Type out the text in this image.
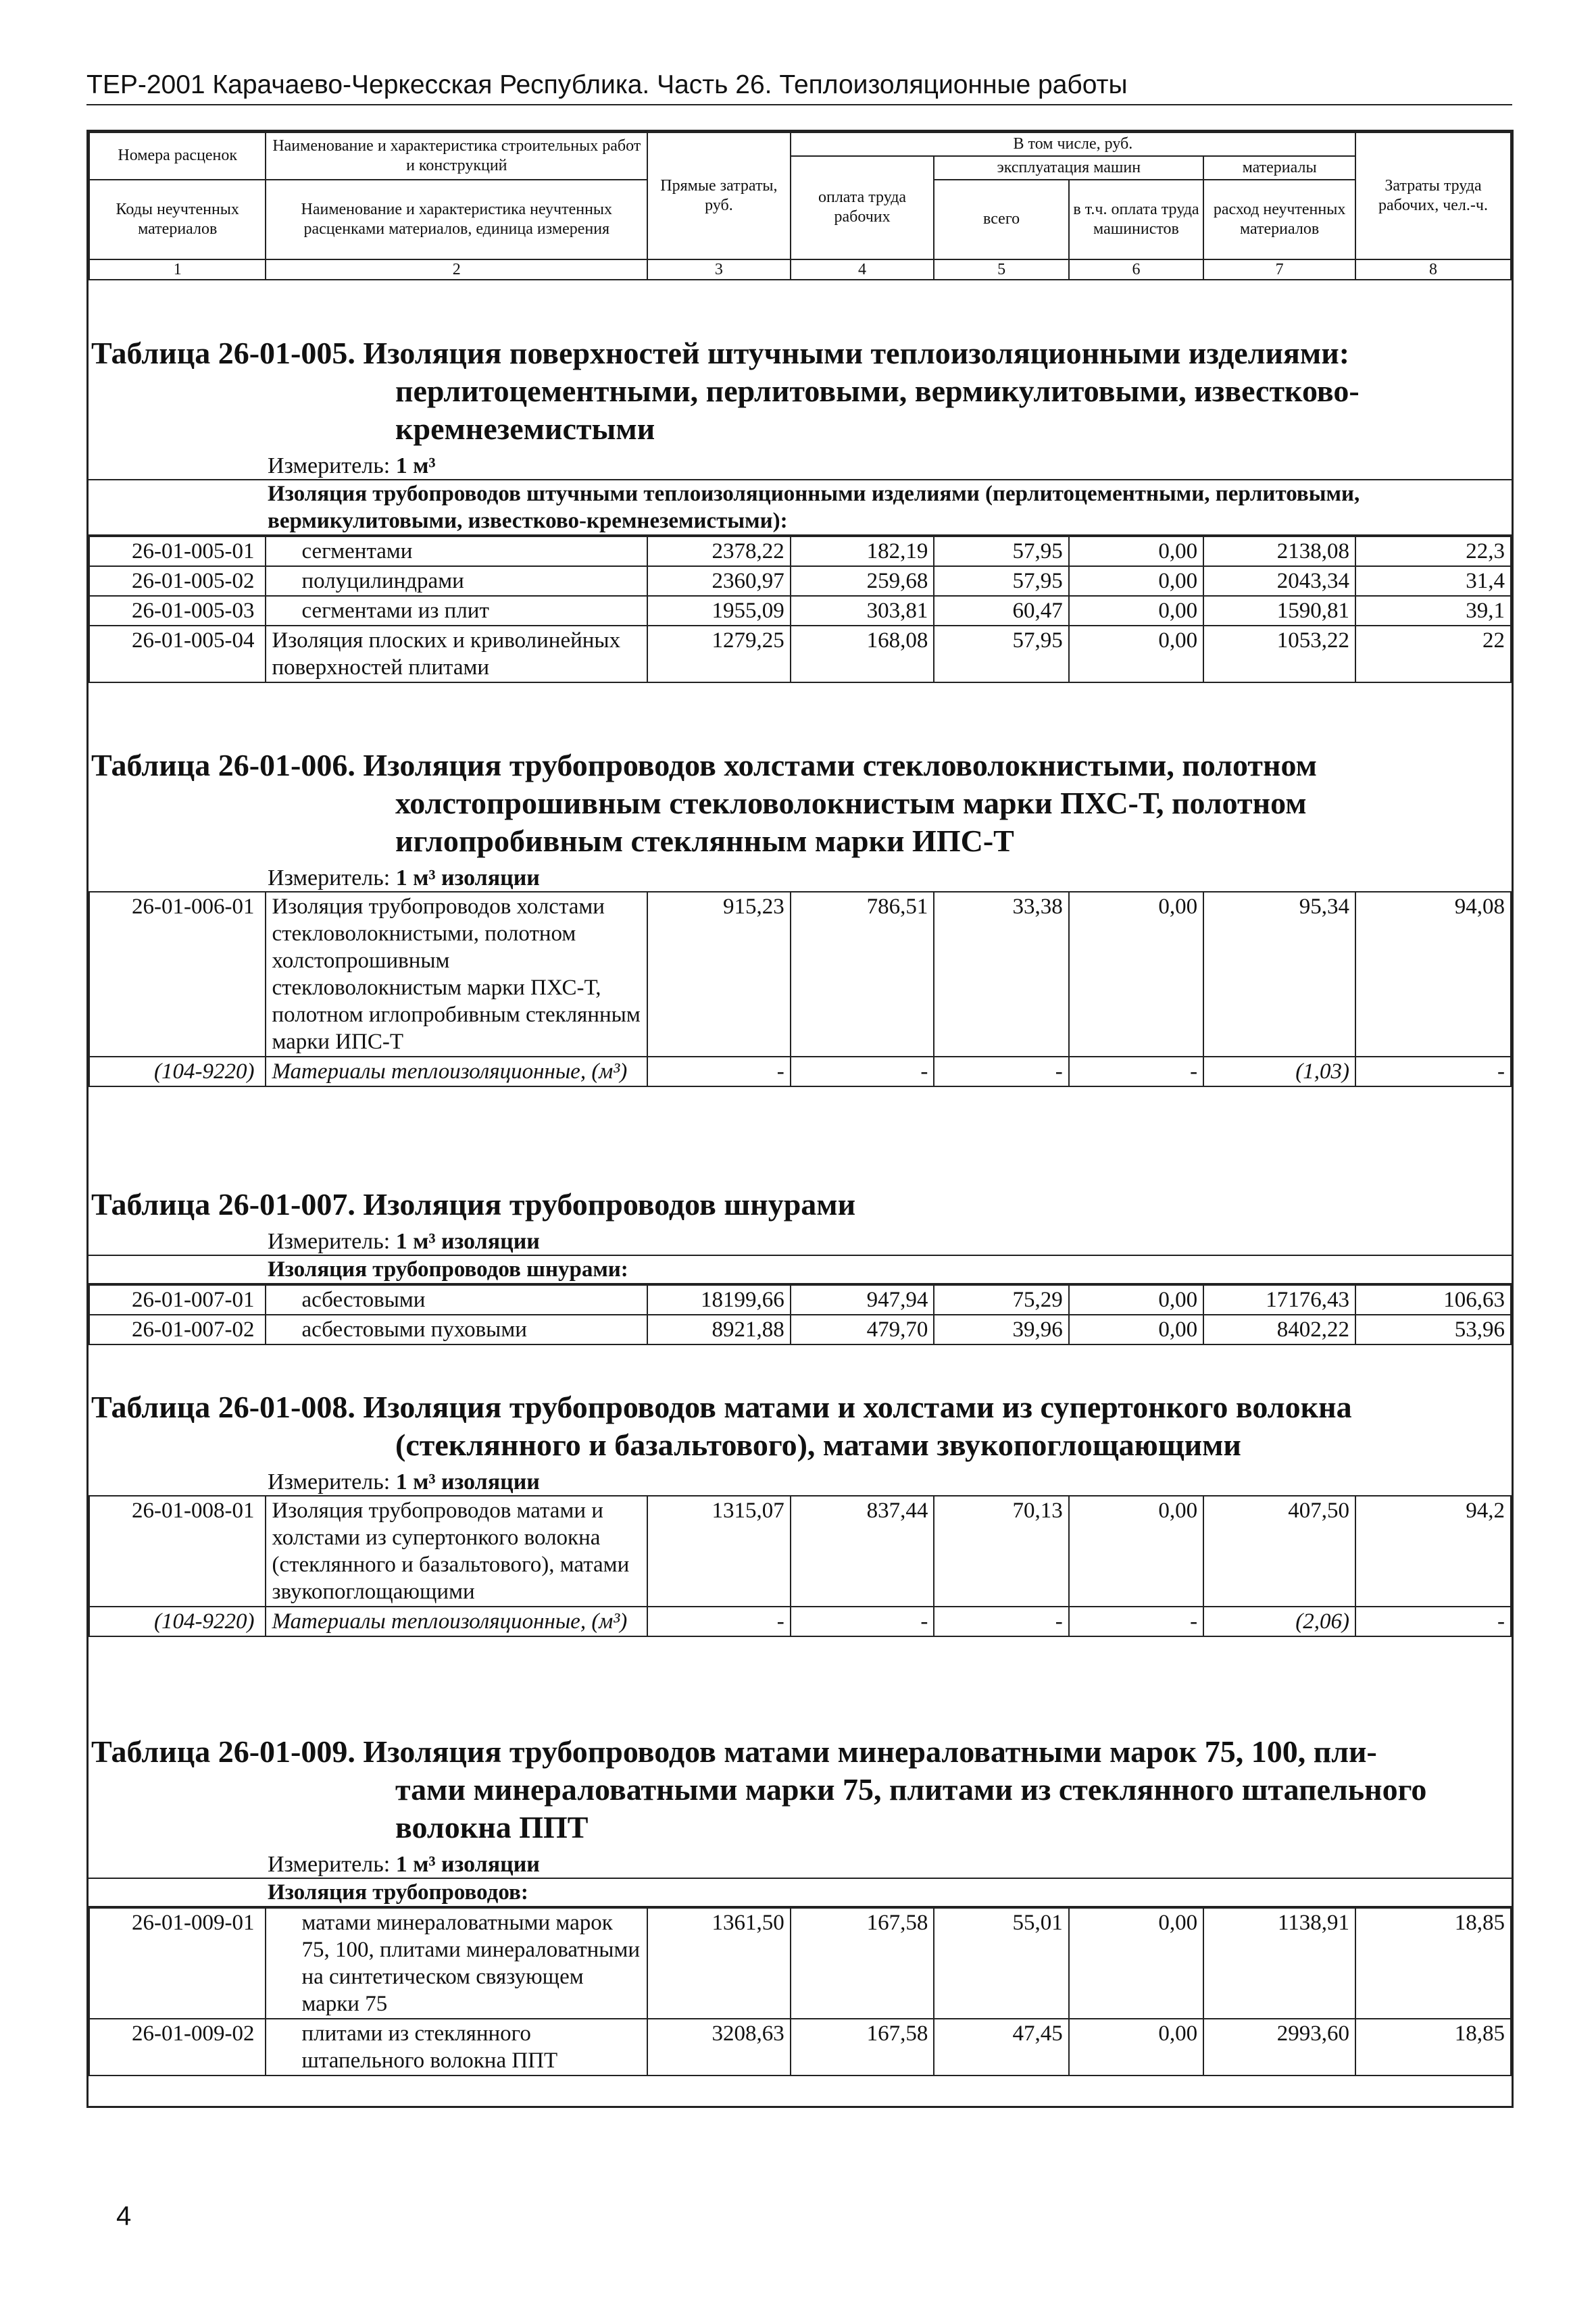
ТЕР-2001 Карачаево-Черкесская Республика. Часть 26. Теплоизоляционные работы
Номера расценок	Наименование и характеристика строительных работ и конструкций	Прямые затраты, руб.	В том числе, руб.				Затраты труда рабочих, чел.-ч.
			оплата труда рабочих	эксплуатация машин		материалы	
Коды неучтенных материалов	Наименование и характеристика неучтенных расценками материалов, единица измерения			всего	в т.ч. оплата труда машинистов	расход неучтенных материалов	

1	2	3	4	5	6	7	8
Таблица 26-01-005. Изоляция поверхностей штучными теплоизоляционными изделиями:
перлитоцементными, перлитовыми, вермикулитовыми, известково-кремнеземистыми
Измеритель: 1 м³
Изоляция трубопроводов штучными теплоизоляционными изделиями (перлитоцементными, перлитовыми, вермикулитовыми, известково-кремнеземистыми):
26-01-005-01	сегментами	2378,22	182,19	57,95	0,00	2138,08	22,3
26-01-005-02	полуцилиндрами	2360,97	259,68	57,95	0,00	2043,34	31,4
26-01-005-03	сегментами из плит	1955,09	303,81	60,47	0,00	1590,81	39,1
26-01-005-04	Изоляция плоских и криволинейных поверхностей плитами	1279,25	168,08	57,95	0,00	1053,22	22
Таблица 26-01-006. Изоляция трубопроводов холстами стекловолокнистыми, полотном
холстопрошивным стекловолокнистым марки ПХС-Т, полотном иглопробивным стеклянным марки ИПС-Т
Измеритель: 1 м³ изоляции
26-01-006-01	Изоляция трубопроводов холстами стекловолокнистыми, полотном холстопрошивным стекловолокнистым марки ПХС-Т, полотном иглопробивным стеклянным марки ИПС-Т	915,23	786,51	33,38	0,00	95,34	94,08
(104-9220)	Материалы теплоизоляционные, (м³)	-	-	-	-	(1,03)	-
Таблица 26-01-007. Изоляция трубопроводов шнурами
Измеритель: 1 м³ изоляции
Изоляция трубопроводов шнурами:
26-01-007-01	асбестовыми	18199,66	947,94	75,29	0,00	17176,43	106,63
26-01-007-02	асбестовыми пуховыми	8921,88	479,70	39,96	0,00	8402,22	53,96
Таблица 26-01-008. Изоляция трубопроводов матами и холстами из супертонкого волокна
(стеклянного и базальтового), матами звукопоглощающими
Измеритель: 1 м³ изоляции
26-01-008-01	Изоляция трубопроводов матами и холстами из супертонкого волокна (стеклянного и базальтового), матами звукопоглощающими	1315,07	837,44	70,13	0,00	407,50	94,2
(104-9220)	Материалы теплоизоляционные, (м³)	-	-	-	-	(2,06)	-
Таблица 26-01-009. Изоляция трубопроводов матами минераловатными марок 75, 100, пли-
тами минераловатными марки 75, плитами из стеклянного штапельного волокна ППТ
Измеритель: 1 м³ изоляции
Изоляция трубопроводов:
26-01-009-01	матами минераловатными марок 75, 100, плитами минераловатными на синтетическом связующем марки 75	1361,50	167,58	55,01	0,00	1138,91	18,85
26-01-009-02	плитами из стеклянного штапельного волокна ППТ	3208,63	167,58	47,45	0,00	2993,60	18,85
4
